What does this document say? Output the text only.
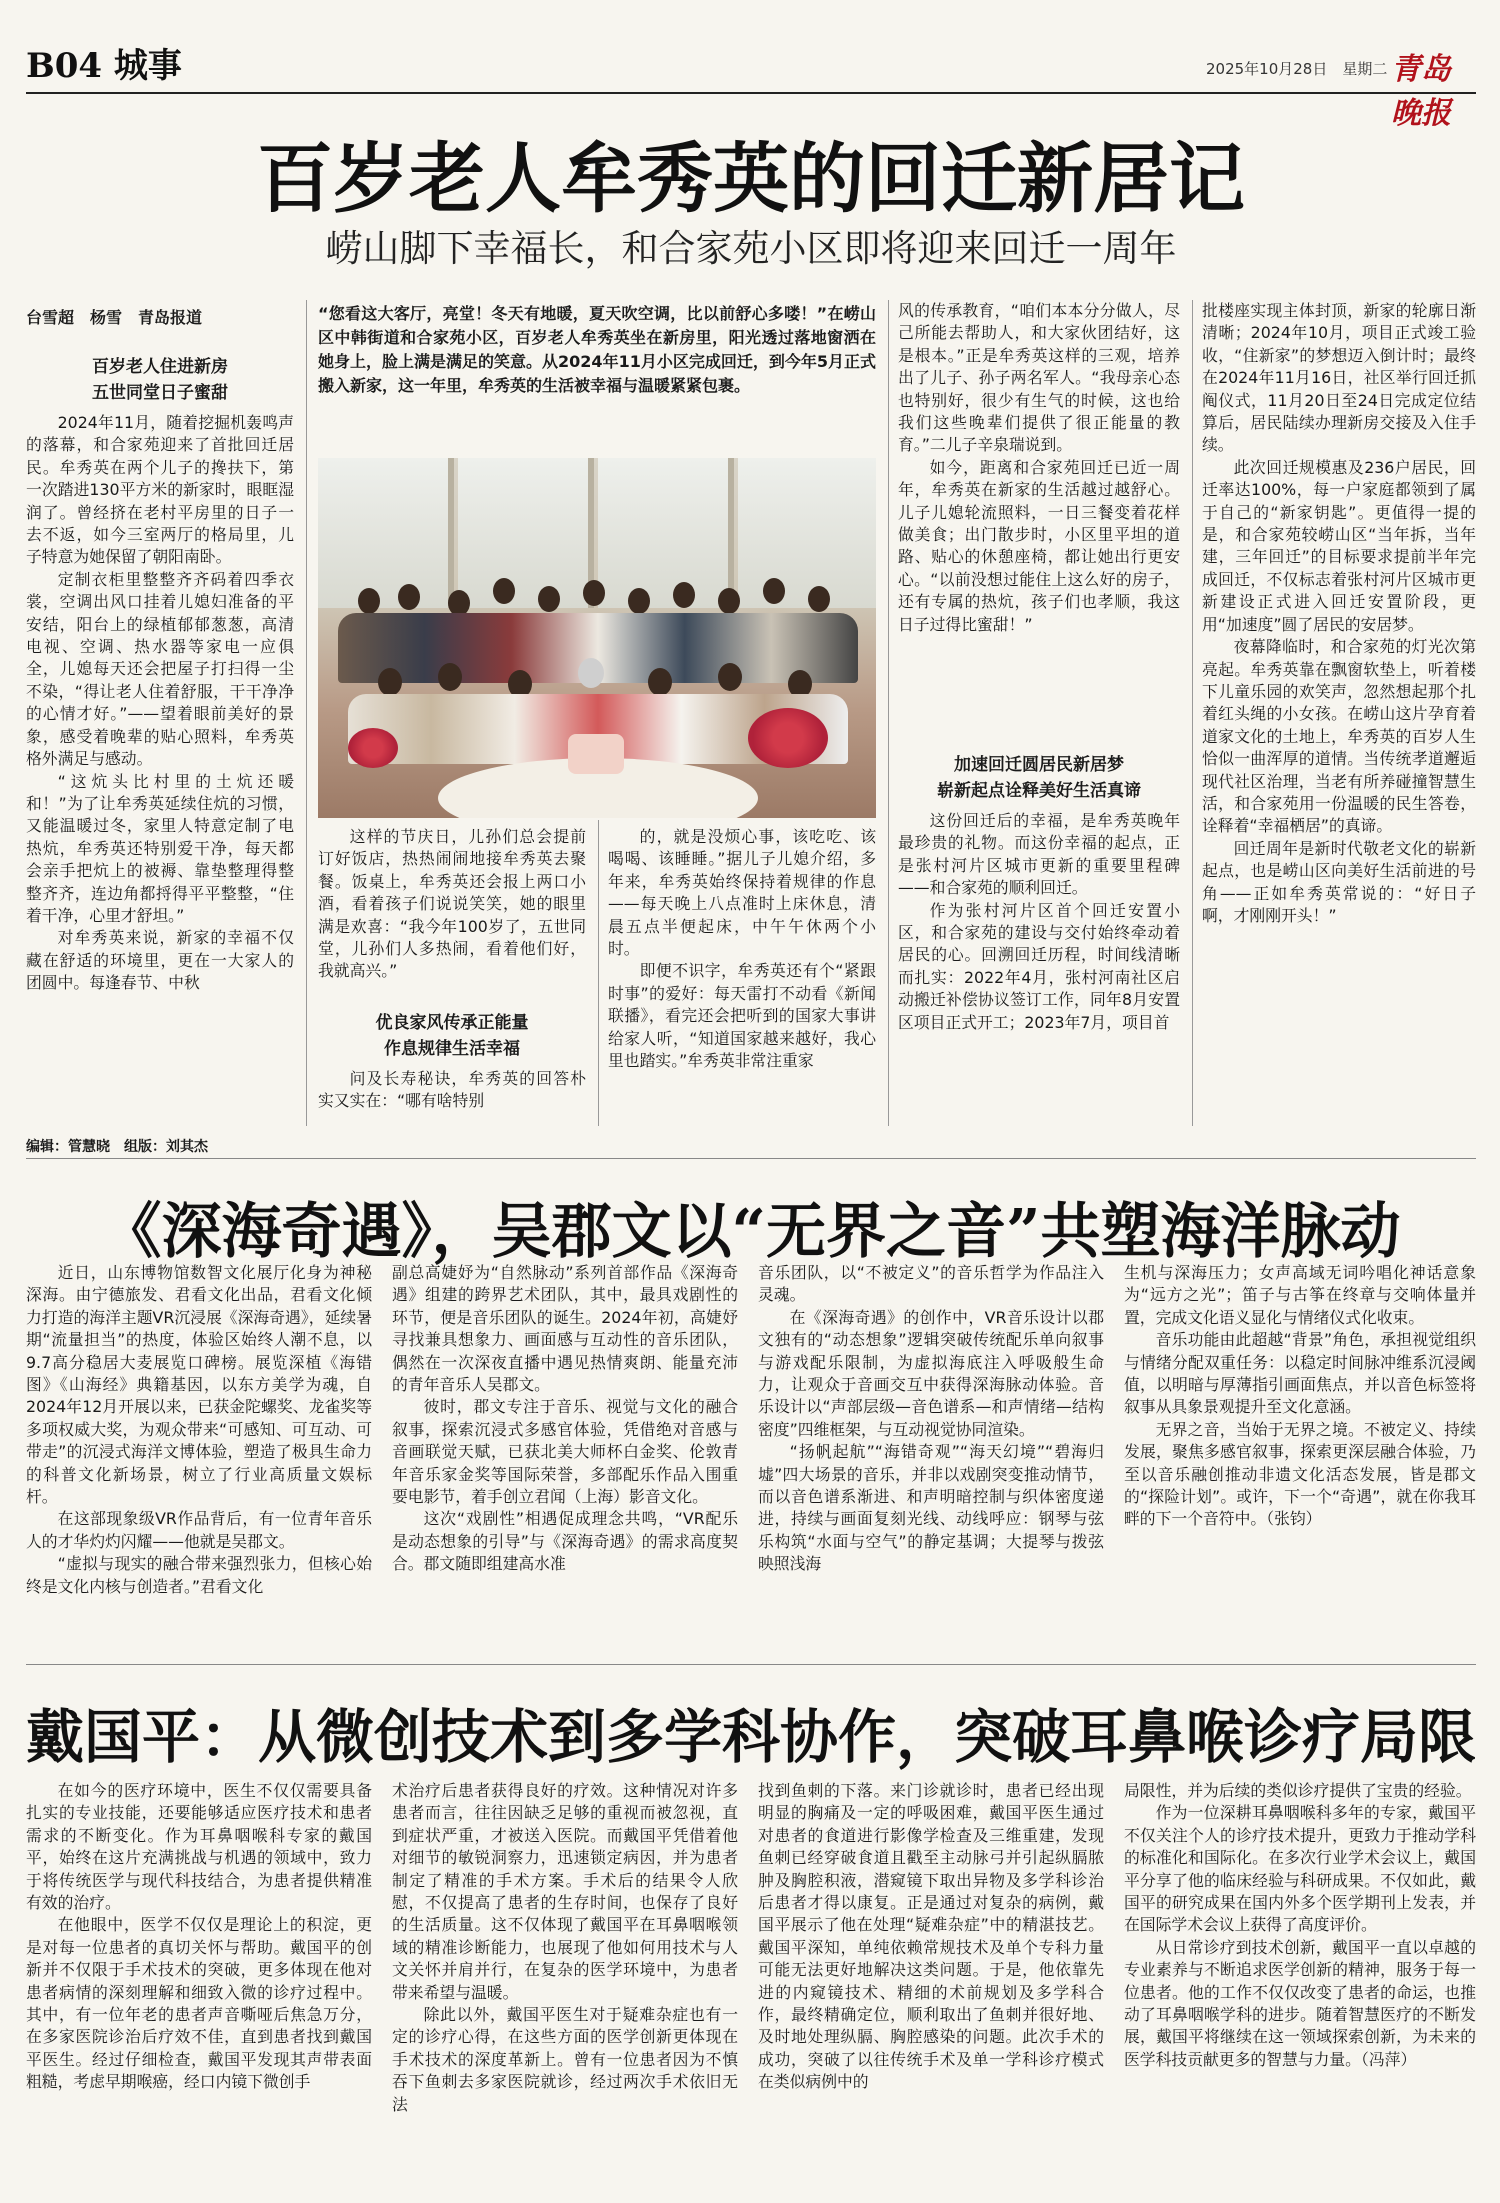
B04 城事	2025年10月28日　星期二 青岛晚报
百岁老人牟秀英的回迁新居记
崂山脚下幸福长，和合家苑小区即将迎来回迁一周年
台雪超　杨雪　青岛报道
百岁老人住进新房
五世同堂日子蜜甜

2024年11月，随着挖掘机轰鸣声的落幕，和合家苑迎来了首批回迁居民。牟秀英在两个儿子的搀扶下，第一次踏进130平方米的新家时，眼眶湿润了。曾经挤在老村平房里的日子一去不返，如今三室两厅的格局里，儿子特意为她保留了朝阳南卧。

定制衣柜里整整齐齐码着四季衣裳，空调出风口挂着儿媳妇准备的平安结，阳台上的绿植郁郁葱葱，高清电视、空调、热水器等家电一应俱全，儿媳每天还会把屋子打扫得一尘不染，“得让老人住着舒服，干干净净的心情才好。”——望着眼前美好的景象，感受着晚辈的贴心照料，牟秀英格外满足与感动。

“这炕头比村里的土炕还暖和！”为了让牟秀英延续住炕的习惯，又能温暖过冬，家里人特意定制了电热炕，牟秀英还特别爱干净，每天都会亲手把炕上的被褥、靠垫整理得整整齐齐，连边角都捋得平平整整，“住着干净，心里才舒坦。”

对牟秀英来说，新家的幸福不仅藏在舒适的环境里，更在一大家人的团圆中。每逢春节、中秋

“您看这大客厅，亮堂！冬天有地暖，夏天吹空调，比以前舒心多喽！”在崂山区中韩街道和合家苑小区，百岁老人牟秀英坐在新房里，阳光透过落地窗洒在她身上，脸上满是满足的笑意。从2024年11月小区完成回迁，到今年5月正式搬入新家，这一年里，牟秀英的生活被幸福与温暖紧紧包裹。

这样的节庆日，儿孙们总会提前订好饭店，热热闹闹地接牟秀英去聚餐。饭桌上，牟秀英还会报上两口小酒，看着孩子们说说笑笑，她的眼里满是欢喜：“我今年100岁了，五世同堂，儿孙们人多热闹，看着他们好，我就高兴。”

优良家风传承正能量
作息规律生活幸福

问及长寿秘诀，牟秀英的回答朴实又实在：“哪有啥特别

的，就是没烦心事，该吃吃、该喝喝、该睡睡。”据儿子儿媳介绍，多年来，牟秀英始终保持着规律的作息——每天晚上八点准时上床休息，清晨五点半便起床，中午午休两个小时。

即便不识字，牟秀英还有个“紧跟时事”的爱好：每天雷打不动看《新闻联播》，看完还会把听到的国家大事讲给家人听，“知道国家越来越好，我心里也踏实。”牟秀英非常注重家

风的传承教育，“咱们本本分分做人，尽己所能去帮助人，和大家伙团结好，这是根本。”正是牟秀英这样的三观，培养出了儿子、孙子两名军人。“我母亲心态也特别好，很少有生气的时候，这也给我们这些晚辈们提供了很正能量的教育。”二儿子辛泉瑞说到。

如今，距离和合家苑回迁已近一周年，牟秀英在新家的生活越过越舒心。儿子儿媳轮流照料，一日三餐变着花样做美食；出门散步时，小区里平坦的道路、贴心的休憩座椅，都让她出行更安心。“以前没想过能住上这么好的房子，还有专属的热炕，孩子们也孝顺，我这日子过得比蜜甜！”

加速回迁圆居民新居梦
崭新起点诠释美好生活真谛

这份回迁后的幸福，是牟秀英晚年最珍贵的礼物。而这份幸福的起点，正是张村河片区城市更新的重要里程碑——和合家苑的顺利回迁。

作为张村河片区首个回迁安置小区，和合家苑的建设与交付始终牵动着居民的心。回溯回迁历程，时间线清晰而扎实：2022年4月，张村河南社区启动搬迁补偿协议签订工作，同年8月安置区项目正式开工；2023年7月，项目首

批楼座实现主体封顶，新家的轮廓日渐清晰；2024年10月，项目正式竣工验收，“住新家”的梦想迈入倒计时；最终在2024年11月16日，社区举行回迁抓阄仪式，11月20日至24日完成定位结算后，居民陆续办理新房交接及入住手续。

此次回迁规模惠及236户居民，回迁率达100%，每一户家庭都领到了属于自己的“新家钥匙”。更值得一提的是，和合家苑较崂山区“当年拆，当年建，三年回迁”的目标要求提前半年完成回迁，不仅标志着张村河片区城市更新建设正式进入回迁安置阶段，更用“加速度”圆了居民的安居梦。

夜幕降临时，和合家苑的灯光次第亮起。牟秀英靠在飘窗软垫上，听着楼下儿童乐园的欢笑声，忽然想起那个扎着红头绳的小女孩。在崂山这片孕育着道家文化的土地上，牟秀英的百岁人生恰似一曲浑厚的道情。当传统孝道邂逅现代社区治理，当老有所养碰撞智慧生活，和合家苑用一份温暖的民生答卷，诠释着“幸福栖居”的真谛。

回迁周年是新时代敬老文化的崭新起点，也是崂山区向美好生活前进的号角——正如牟秀英常说的：“好日子啊，才刚刚开头！”

编辑：管慧晓　组版：刘其杰
《深海奇遇》，吴郡文以“无界之音”共塑海洋脉动

近日，山东博物馆数智文化展厅化身为神秘深海。由宁德旅发、君看文化出品，君看文化倾力打造的海洋主题VR沉浸展《深海奇遇》，延续暑期“流量担当”的热度，体验区始终人潮不息，以9.7高分稳居大麦展览口碑榜。展览深植《海错图》《山海经》典籍基因，以东方美学为魂，自2024年12月开展以来，已获金陀螺奖、龙雀奖等多项权威大奖，为观众带来“可感知、可互动、可带走”的沉浸式海洋文博体验，塑造了极具生命力的科普文化新场景，树立了行业高质量文娱标杆。

在这部现象级VR作品背后，有一位青年音乐人的才华灼灼闪耀——他就是吴郡文。

“虚拟与现实的融合带来强烈张力，但核心始终是文化内核与创造者。”君看文化

副总高婕妤为“自然脉动”系列首部作品《深海奇遇》组建的跨界艺术团队，其中，最具戏剧性的环节，便是音乐团队的诞生。2024年初，高婕妤寻找兼具想象力、画面感与互动性的音乐团队，偶然在一次深夜直播中遇见热情爽朗、能量充沛的青年音乐人吴郡文。

彼时，郡文专注于音乐、视觉与文化的融合叙事，探索沉浸式多感官体验，凭借绝对音感与音画联觉天赋，已获北美大师杯白金奖、伦敦青年音乐家金奖等国际荣誉，多部配乐作品入围重要电影节，着手创立君闻（上海）影音文化。

这次“戏剧性”相遇促成理念共鸣，“VR配乐是动态想象的引导”与《深海奇遇》的需求高度契合。郡文随即组建高水准

音乐团队，以“不被定义”的音乐哲学为作品注入灵魂。

在《深海奇遇》的创作中，VR音乐设计以郡文独有的“动态想象”逻辑突破传统配乐单向叙事与游戏配乐限制，为虚拟海底注入呼吸般生命力，让观众于音画交互中获得深海脉动体验。音乐设计以“声部层级—音色谱系—和声情绪—结构密度”四维框架，与互动视觉协同渲染。

“扬帆起航”“海错奇观”“海天幻境”“碧海归墟”四大场景的音乐，并非以戏剧突变推动情节，而以音色谱系渐进、和声明暗控制与织体密度递进，持续与画面复刻光线、动线呼应：钢琴与弦乐构筑“水面与空气”的静定基调；大提琴与拨弦映照浅海

生机与深海压力；女声高域无词吟唱化神话意象为“远方之光”；笛子与古筝在终章与交响体量并置，完成文化语义显化与情绪仪式化收束。

音乐功能由此超越“背景”角色，承担视觉组织与情绪分配双重任务：以稳定时间脉冲维系沉浸阈值，以明暗与厚薄指引画面焦点，并以音色标签将叙事从具象景观提升至文化意涵。

无界之音，当始于无界之境。不被定义、持续发展，聚焦多感官叙事，探索更深层融合体验，乃至以音乐融创推动非遗文化活态发展，皆是郡文的“探险计划”。或许，下一个“奇遇”，就在你我耳畔的下一个音符中。（张钧）

戴国平：从微创技术到多学科协作，突破耳鼻喉诊疗局限

在如今的医疗环境中，医生不仅仅需要具备扎实的专业技能，还要能够适应医疗技术和患者需求的不断变化。作为耳鼻咽喉科专家的戴国平，始终在这片充满挑战与机遇的领域中，致力于将传统医学与现代科技结合，为患者提供精准有效的治疗。

在他眼中，医学不仅仅是理论上的积淀，更是对每一位患者的真切关怀与帮助。戴国平的创新并不仅限于手术技术的突破，更多体现在他对患者病情的深刻理解和细致入微的诊疗过程中。其中，有一位年老的患者声音嘶哑后焦急万分，在多家医院诊治后疗效不佳，直到患者找到戴国平医生。经过仔细检查，戴国平发现其声带表面粗糙，考虑早期喉癌，经口内镜下微创手

术治疗后患者获得良好的疗效。这种情况对许多患者而言，往往因缺乏足够的重视而被忽视，直到症状严重，才被送入医院。而戴国平凭借着他对细节的敏锐洞察力，迅速锁定病因，并为患者制定了精准的手术方案。手术后的结果令人欣慰，不仅提高了患者的生存时间，也保存了良好的生活质量。这不仅体现了戴国平在耳鼻咽喉领域的精准诊断能力，也展现了他如何用技术与人文关怀并肩并行，在复杂的医学环境中，为患者带来希望与温暖。

除此以外，戴国平医生对于疑难杂症也有一定的诊疗心得，在这些方面的医学创新更体现在手术技术的深度革新上。曾有一位患者因为不慎吞下鱼刺去多家医院就诊，经过两次手术依旧无法

找到鱼刺的下落。来门诊就诊时，患者已经出现明显的胸痛及一定的呼吸困难，戴国平医生通过对患者的食道进行影像学检查及三维重建，发现鱼刺已经穿破食道且戳至主动脉弓并引起纵膈脓肿及胸腔积液，潜窥镜下取出异物及多学科诊治后患者才得以康复。正是通过对复杂的病例，戴国平展示了他在处理“疑难杂症”中的精湛技艺。戴国平深知，单纯依赖常规技术及单个专科力量可能无法更好地解决这类问题。于是，他依靠先进的内窥镜技术、精细的术前规划及多学科合作，最终精确定位，顺利取出了鱼刺并很好地、及时地处理纵膈、胸腔感染的问题。此次手术的成功，突破了以往传统手术及单一学科诊疗模式在类似病例中的

局限性，并为后续的类似诊疗提供了宝贵的经验。

作为一位深耕耳鼻咽喉科多年的专家，戴国平不仅关注个人的诊疗技术提升，更致力于推动学科的标准化和国际化。在多次行业学术会议上，戴国平分享了他的临床经验与科研成果。不仅如此，戴国平的研究成果在国内外多个医学期刊上发表，并在国际学术会议上获得了高度评价。

从日常诊疗到技术创新，戴国平一直以卓越的专业素养与不断追求医学创新的精神，服务于每一位患者。他的工作不仅仅改变了患者的命运，也推动了耳鼻咽喉学科的进步。随着智慧医疗的不断发展，戴国平将继续在这一领域探索创新，为未来的医学科技贡献更多的智慧与力量。（冯萍）
